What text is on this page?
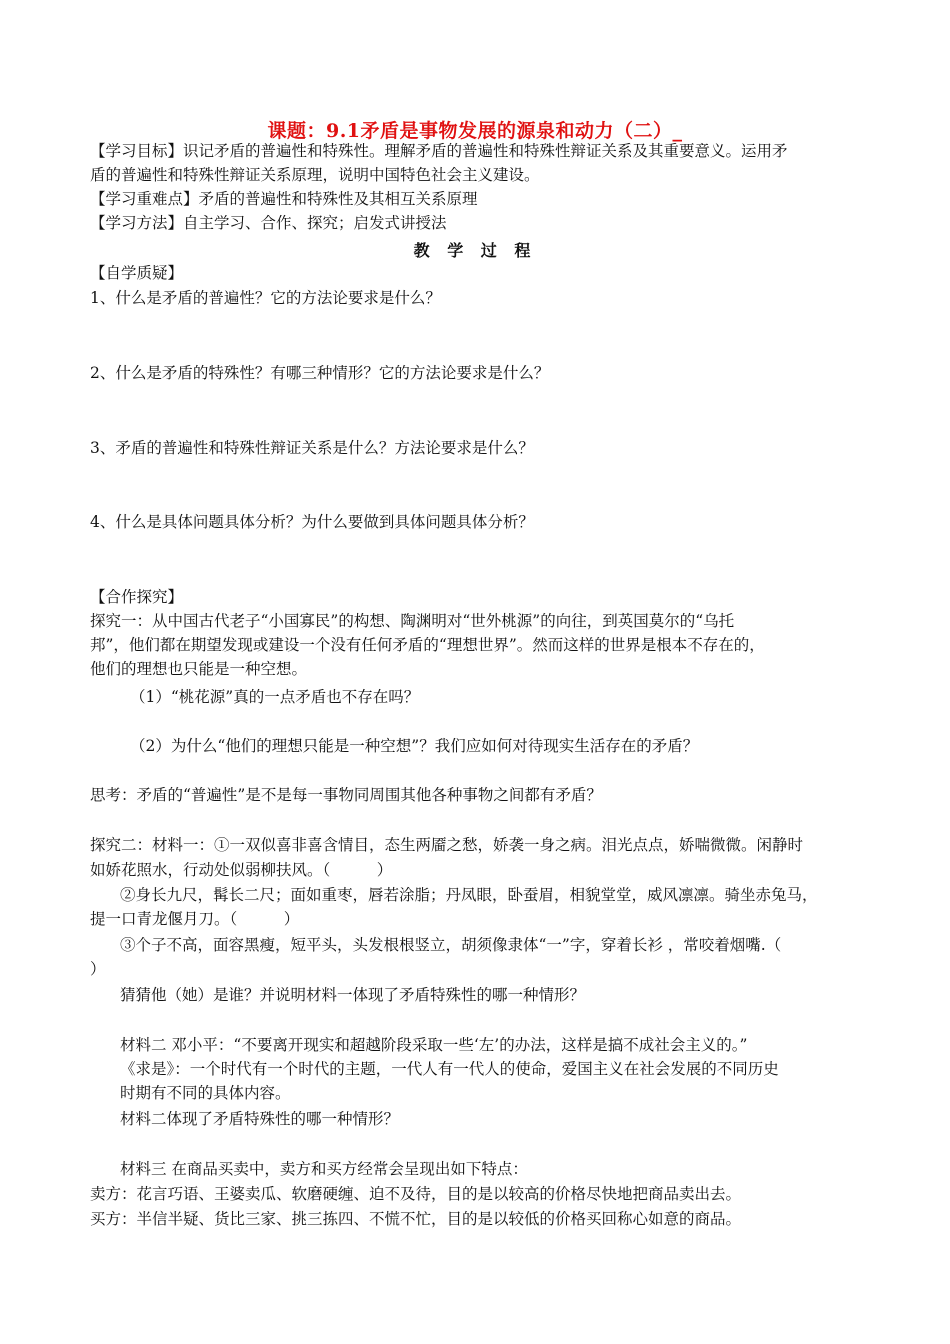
课题：9.1矛盾是事物发展的源泉和动力（二）_
【学习目标】识记矛盾的普遍性和特殊性。理解矛盾的普遍性和特殊性辩证关系及其重要意义。运用矛
盾的普遍性和特殊性辩证关系原理，说明中国特色社会主义建设。
【学习重难点】矛盾的普遍性和特殊性及其相互关系原理
【学习方法】自主学习、合作、探究；启发式讲授法
教 学 过 程
【自学质疑】
1、什么是矛盾的普遍性？它的方法论要求是什么？
2、什么是矛盾的特殊性？有哪三种情形？它的方法论要求是什么？
3、矛盾的普遍性和特殊性辩证关系是什么？方法论要求是什么？
4、什么是具体问题具体分析？为什么要做到具体问题具体分析？
【合作探究】
探究一：从中国古代老子“小国寡民”的构想、陶渊明对“世外桃源”的向往，到英国莫尔的“乌托
邦”，他们都在期望发现或建设一个没有任何矛盾的“理想世界”。然而这样的世界是根本不存在的，
他们的理想也只能是一种空想。
（1）“桃花源”真的一点矛盾也不存在吗？
（2）为什么“他们的理想只能是一种空想”？我们应如何对待现实生活存在的矛盾？
思考：矛盾的“普遍性”是不是每一事物同周围其他各种事物之间都有矛盾？
探究二：材料一：①一双似喜非喜含情目，态生两靥之愁，娇袭一身之病。泪光点点，娇喘微微。闲静时
如娇花照水，行动处似弱柳扶风。（　　　）
②身长九尺，髯长二尺；面如重枣，唇若涂脂；丹凤眼，卧蚕眉，相貌堂堂，威风凛凛。骑坐赤兔马，
提一口青龙偃月刀。（　　　）
③个子不高，面容黑瘦，短平头，头发根根竖立，胡须像隶体“一”字，穿着长衫 ，常咬着烟嘴.（
）
猜猜他（她）是谁？并说明材料一体现了矛盾特殊性的哪一种情形？
材料二 邓小平：“不要离开现实和超越阶段采取一些‘左’的办法，这样是搞不成社会主义的。”
《求是》：一个时代有一个时代的主题，一代人有一代人的使命，爱国主义在社会发展的不同历史
时期有不同的具体内容。
材料二体现了矛盾特殊性的哪一种情形？
材料三 在商品买卖中，卖方和买方经常会呈现出如下特点：
卖方：花言巧语、王婆卖瓜、软磨硬缠、迫不及待，目的是以较高的价格尽快地把商品卖出去。
买方：半信半疑、货比三家、挑三拣四、不慌不忙，目的是以较低的价格买回称心如意的商品。
